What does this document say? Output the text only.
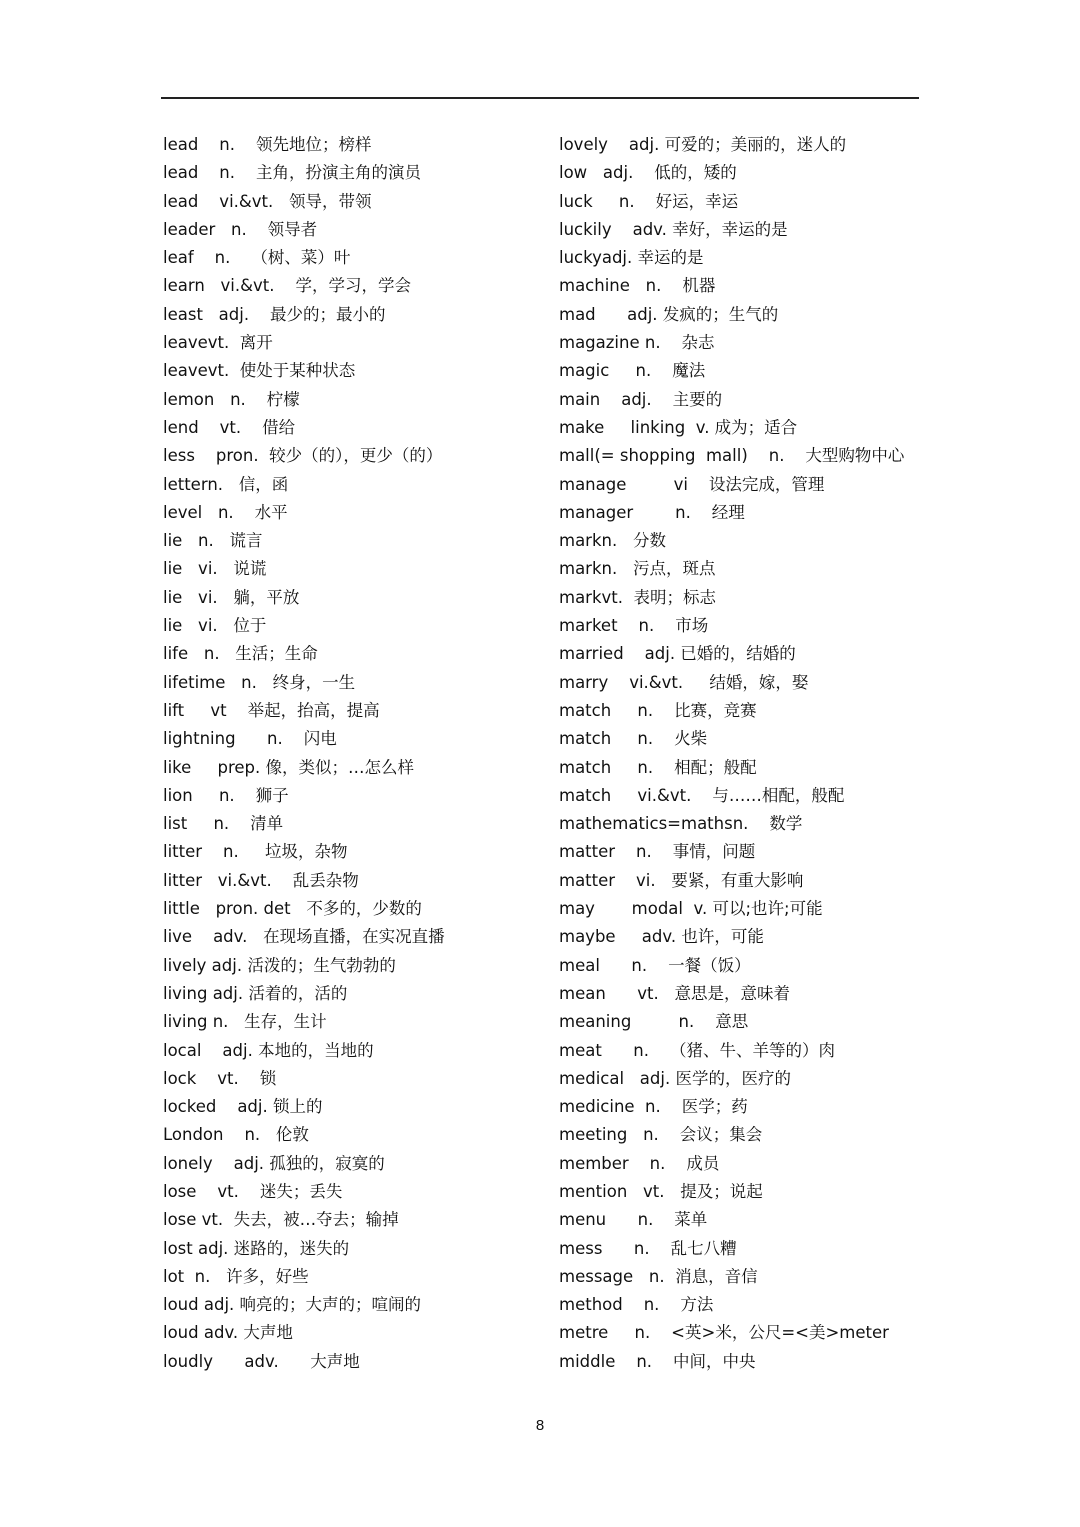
lead    n.    领先地位；榜样
lead    n.    主角，扮演主角的演员
lead    vi.&vt.   领导，带领
leader   n.    领导者
leaf    n.    （树、菜）叶
learn   vi.&vt.    学，学习，学会
least   adj.    最少的；最小的
leavevt.  离开
leavevt.  使处于某种状态
lemon   n.    柠檬
lend    vt.    借给
less    pron.  较少（的），更少（的）
lettern.   信，函
level   n.    水平
lie   n.   谎言
lie   vi.   说谎
lie   vi.   躺，平放
lie   vi.   位于
life   n.   生活；生命
lifetime   n.   终身，一生
lift     vt    举起，抬高，提高
lightning      n.    闪电
like     prep. 像，类似；…怎么样
lion     n.    狮子
list     n.    清单
litter    n.     垃圾，杂物
litter   vi.&vt.    乱丢杂物
little   pron. det   不多的，少数的
live    adv.   在现场直播，在实况直播
lively adj. 活泼的；生气勃勃的
living adj. 活着的，活的
living n.   生存，生计
local    adj. 本地的，当地的
lock    vt.    锁
locked    adj. 锁上的
London    n.   伦敦
lonely    adj. 孤独的，寂寞的
lose    vt.    迷失；丢失
lose vt.  失去，被…夺去；输掉
lost adj. 迷路的，迷失的
lot  n.   许多，好些
loud adj. 响亮的；大声的；喧闹的
loud adv. 大声地
loudly      adv.      大声地
lovely    adj. 可爱的；美丽的，迷人的
low   adj.    低的，矮的
luck     n.    好运，幸运
luckily    adv. 幸好，幸运的是
luckyadj. 幸运的是
machine   n.    机器
mad      adj. 发疯的；生气的
magazine n.    杂志
magic     n.    魔法
main    adj.    主要的
make     linking  v. 成为；适合
mall(= shopping  mall)    n.    大型购物中心
manage         vi    设法完成，管理
manager        n.    经理
markn.   分数
markn.   污点，斑点
markvt.  表明；标志
market    n.    市场
married    adj. 已婚的，结婚的
marry    vi.&vt.     结婚，嫁，娶
match     n.    比赛，竞赛
match     n.    火柴
match     n.    相配；般配
match     vi.&vt.    与……相配，般配
mathematics=mathsn.    数学
matter    n.    事情，问题
matter    vi.   要紧，有重大影响
may       modal  v. 可以;也许;可能
maybe     adv. 也许，可能
meal      n.    一餐（饭）
mean      vt.   意思是，意味着
meaning         n.    意思
meat      n.    （猪、牛、羊等的）肉
medical   adj. 医学的，医疗的
medicine  n.    医学；药
meeting   n.    会议；集会
member    n.    成员
mention   vt.   提及；说起
menu      n.    菜单
mess      n.    乱七八糟
message   n.  消息，音信
method    n.    方法
metre     n.    <英>米，公尺=<美>meter
middle    n.    中间，中央
8
